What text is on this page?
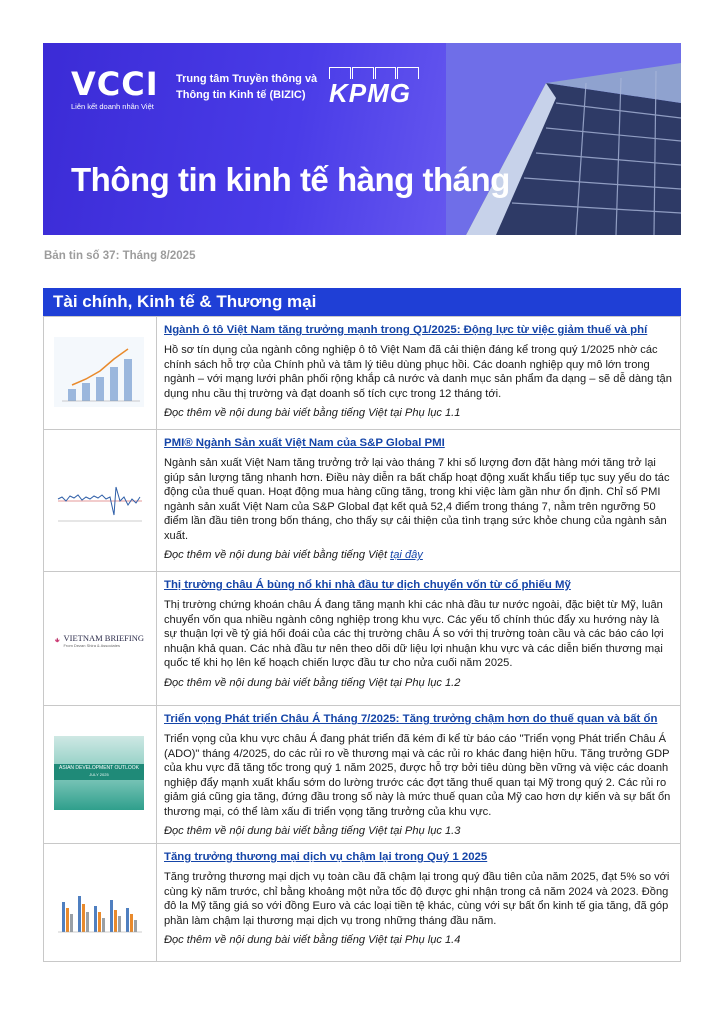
VCCI
Liên kết doanh nhân Việt
Trung tâm Truyền thông và
Thông tin Kinh tế (BIZIC) KPMG
Thông tin kinh tế hàng tháng
Bản tin số 37: Tháng 8/2025
Tài chính, Kinh tế & Thương mại
Ngành ô tô Việt Nam tăng trưởng mạnh trong Q1/2025: Động lực từ việc giảm thuế và phí
Hồ sơ tín dụng của ngành công nghiệp ô tô Việt Nam đã cải thiện đáng kể trong quý 1/2025 nhờ các chính sách hỗ trợ của Chính phủ và tâm lý tiêu dùng phục hồi. Các doanh nghiệp quy mô lớn trong ngành – với mạng lưới phân phối rộng khắp cả nước và danh mục sản phẩm đa dạng – sẽ dễ dàng tận dụng nhu cầu thị trường và đạt doanh số tích cực trong 12 tháng tới.
Đọc thêm về nội dung bài viết bằng tiếng Việt tại Phụ lục 1.1
PMI® Ngành Sản xuất Việt Nam của S&P Global PMI
Ngành sản xuất Việt Nam tăng trưởng trở lại vào tháng 7 khi số lượng đơn đặt hàng mới tăng trở lại giúp sản lượng tăng nhanh hơn. Điều này diễn ra bất chấp hoạt động xuất khẩu tiếp tục suy yếu do tác động của thuế quan. Hoạt động mua hàng cũng tăng, trong khi việc làm gần như ổn định. Chỉ số PMI ngành sản xuất Việt Nam của S&P Global đạt kết quả 52,4 điểm trong tháng 7, nằm trên ngưỡng 50 điểm lần đầu tiên trong bốn tháng, cho thấy sự cải thiện của tình trạng sức khỏe chung của ngành sản xuất.
Đọc thêm về nội dung bài viết bằng tiếng Việt tại đây
VIETNAM BRIEFING
From Dezan Shira & Associates
Thị trường châu Á bùng nổ khi nhà đầu tư dịch chuyển vốn từ cổ phiếu Mỹ
Thị trường chứng khoán châu Á đang tăng mạnh khi các nhà đầu tư nước ngoài, đặc biệt từ Mỹ, luân chuyển vốn qua nhiều ngành công nghiệp trong khu vực. Các yếu tố chính thúc đẩy xu hướng này là sự thuận lợi về tỷ giá hối đoái của các thị trường châu Á so với thị trường toàn cầu và các báo cáo lợi nhuận khả quan. Các nhà đầu tư nên theo dõi dữ liệu lợi nhuận khu vực và các diễn biến thương mại quốc tế khi họ lên kế hoạch chiến lược đầu tư cho nửa cuối năm 2025.
Đọc thêm về nội dung bài viết bằng tiếng Việt tại Phụ lục 1.2
ASIAN DEVELOPMENT OUTLOOK
JULY 2025
Triển vọng Phát triển Châu Á Tháng 7/2025: Tăng trưởng chậm hơn do thuế quan và bất ổn
Triển vọng của khu vực châu Á đang phát triển đã kém đi kể từ báo cáo "Triển vọng Phát triển Châu Á (ADO)" tháng 4/2025, do các rủi ro về thương mại và các rủi ro khác đang hiện hữu. Tăng trưởng GDP của khu vực đã tăng tốc trong quý 1 năm 2025, được hỗ trợ bởi tiêu dùng bền vững và việc các doanh nghiệp đẩy mạnh xuất khẩu sớm do lường trước các đợt tăng thuế quan tại Mỹ trong quý 2. Các rủi ro giảm giá cũng gia tăng, đứng đầu trong số này là mức thuế quan của Mỹ cao hơn dự kiến và sự bất ổn thương mại, có thể làm xấu đi triển vọng tăng trưởng của khu vực.
Đọc thêm về nội dung bài viết bằng tiếng Việt tại Phụ lục 1.3
Tăng trưởng thương mại dịch vụ chậm lại trong Quý 1 2025
Tăng trưởng thương mại dịch vụ toàn cầu đã chậm lại trong quý đầu tiên của năm 2025, đạt 5% so với cùng kỳ năm trước, chỉ bằng khoảng một nửa tốc độ được ghi nhận trong cả năm 2024 và 2023. Đồng đô la Mỹ tăng giá so với đồng Euro và các loại tiền tệ khác, cùng với sự bất ổn kinh tế gia tăng, đã góp phần làm chậm lại thương mại dịch vụ trong những tháng đầu năm.
Đọc thêm về nội dung bài viết bằng tiếng Việt tại Phụ lục 1.4
